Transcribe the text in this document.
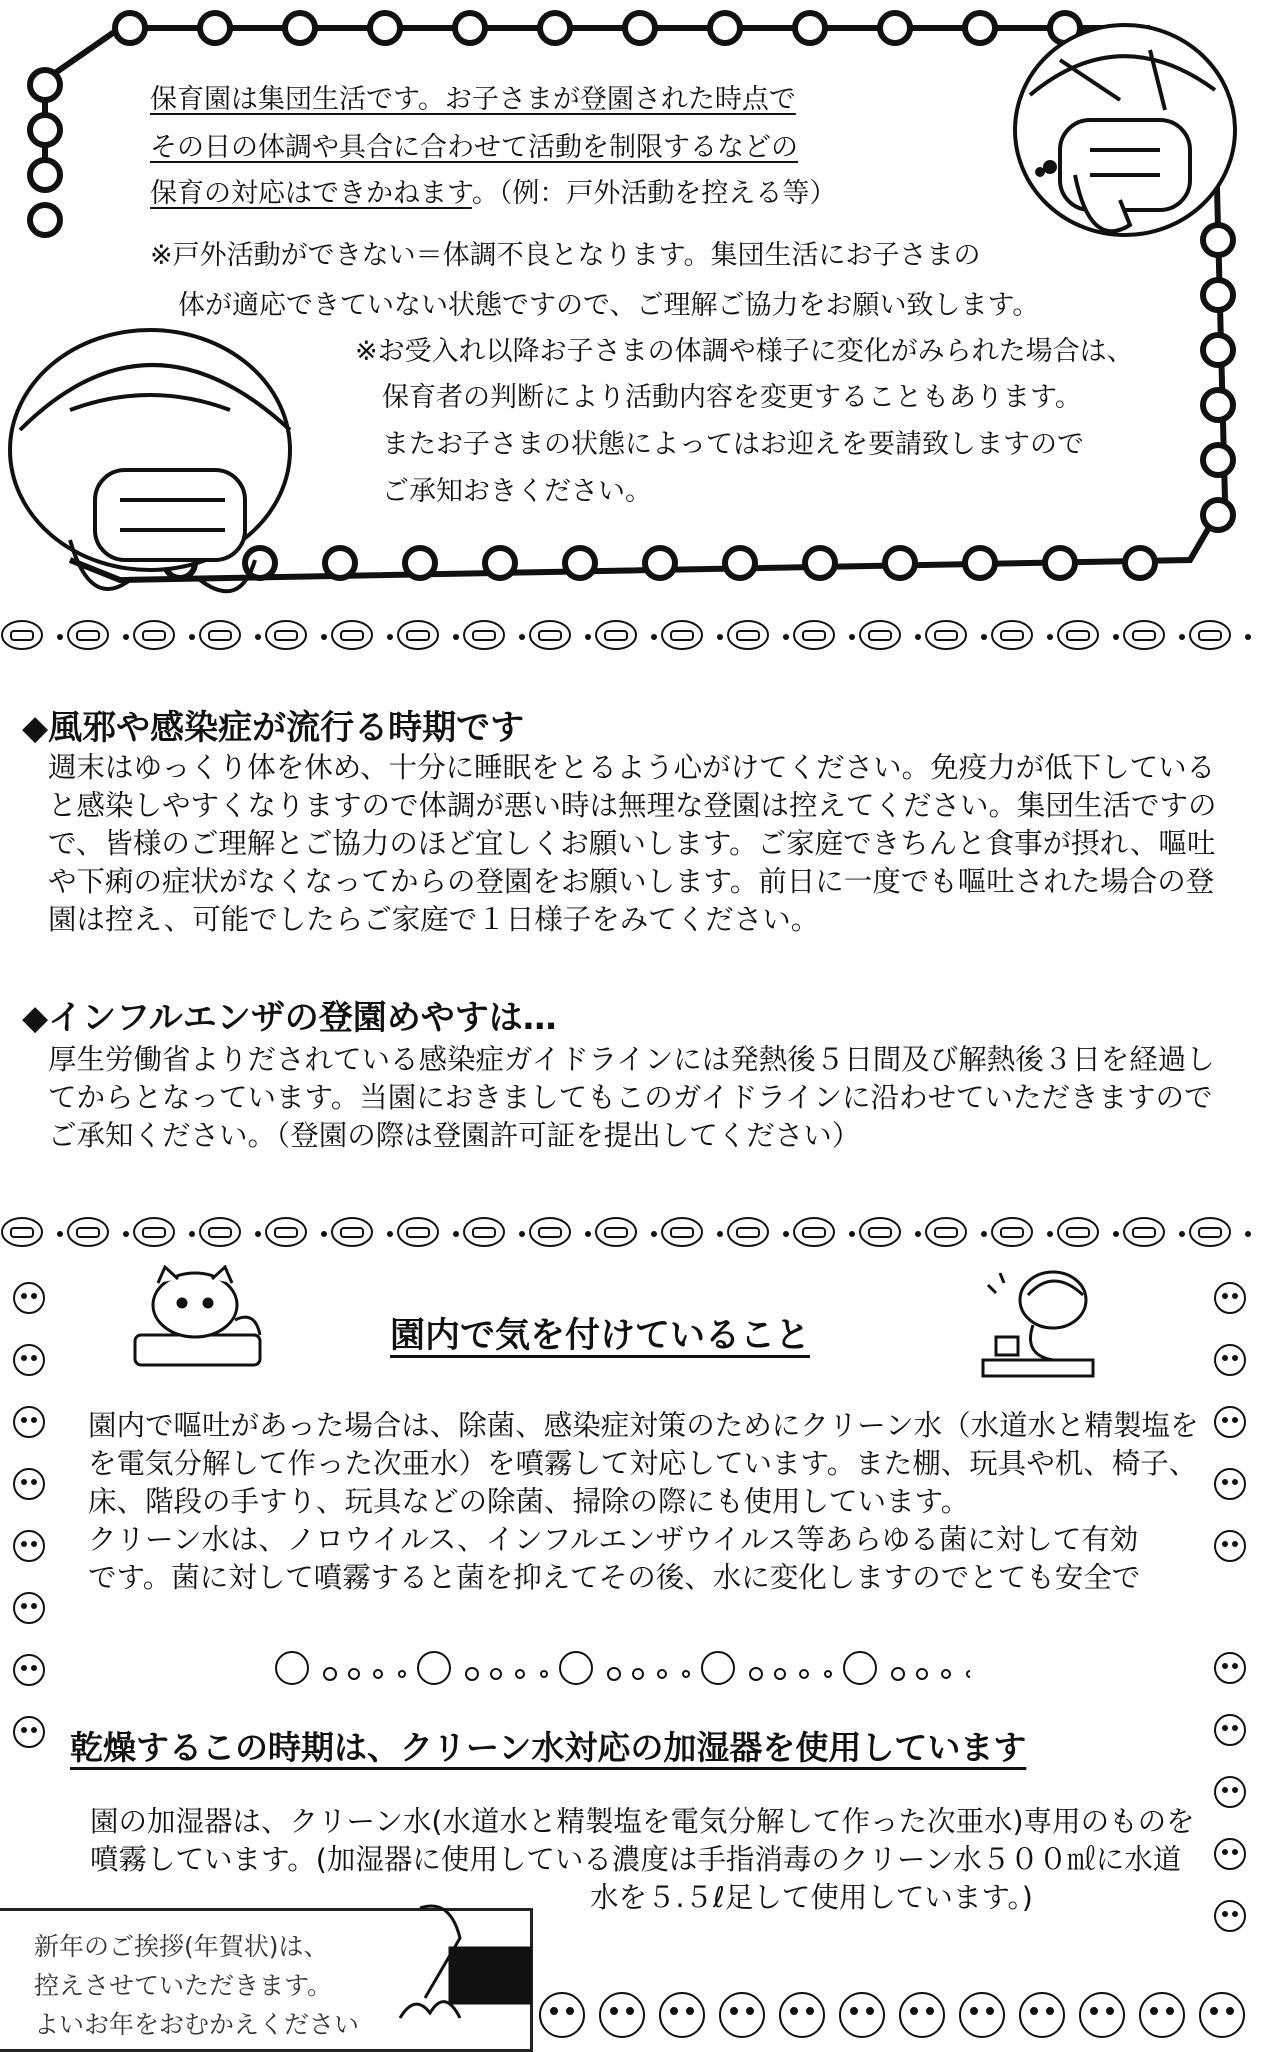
保育園は集団生活です。お子さまが登園された時点で
その日の体調や具合に合わせて活動を制限するなどの
保育の対応はできかねます。（例：戸外活動を控える等）
※戸外活動ができない＝体調不良となります。集団生活にお子さまの
体が適応できていない状態ですので、ご理解ご協力をお願い致します。
※お受入れ以降お子さまの体調や様子に変化がみられた場合は、
保育者の判断により活動内容を変更することもあります。
またお子さまの状態によってはお迎えを要請致しますので
ご承知おきください。
◆風邪や感染症が流行る時期です
週末はゆっくり体を休め、十分に睡眠をとるよう心がけてください。免疫力が低下している
と感染しやすくなりますので体調が悪い時は無理な登園は控えてください。集団生活ですの
で、皆様のご理解とご協力のほど宜しくお願いします。ご家庭できちんと食事が摂れ、嘔吐
や下痢の症状がなくなってからの登園をお願いします。前日に一度でも嘔吐された場合の登
園は控え、可能でしたらご家庭で１日様子をみてください。
◆インフルエンザの登園めやすは…
厚生労働省よりだされている感染症ガイドラインには発熱後５日間及び解熱後３日を経過し
てからとなっています。当園におきましてもこのガイドラインに沿わせていただきますので
ご承知ください。（登園の際は登園許可証を提出してください）
園内で気を付けていること
園内で嘔吐があった場合は、除菌、感染症対策のためにクリーン水（水道水と精製塩を
を電気分解して作った次亜水）を噴霧して対応しています。また棚、玩具や机、椅子、
床、階段の手すり、玩具などの除菌、掃除の際にも使用しています。
クリーン水は、ノロウイルス、インフルエンザウイルス等あらゆる菌に対して有効
です。菌に対して噴霧すると菌を抑えてその後、水に変化しますのでとても安全で
乾燥するこの時期は、クリーン水対応の加湿器を使用しています
園の加湿器は、クリーン水(水道水と精製塩を電気分解して作った次亜水)専用のものを
噴霧しています。(加湿器に使用している濃度は手指消毒のクリーン水５００㎖に水道
水を５.５ℓ足して使用しています。)
新年のご挨拶(年賀状)は、
控えさせていただきます。
よいお年をおむかえください
